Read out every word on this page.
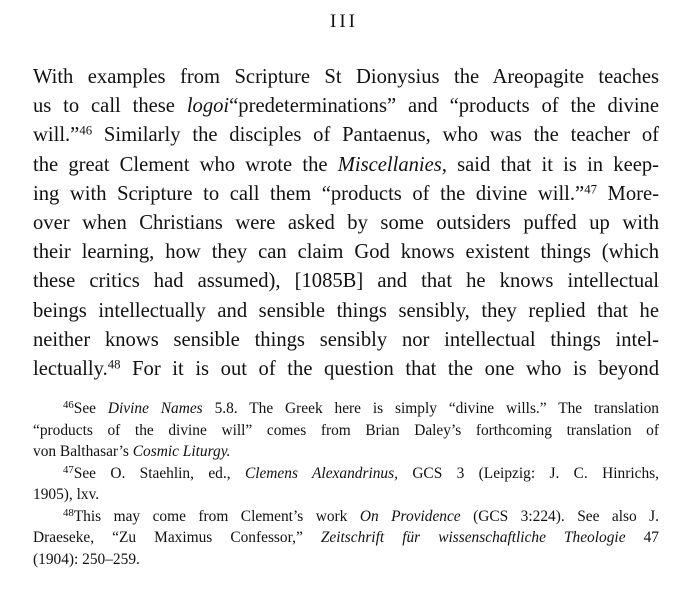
III
With examples from Scripture St Dionysius the Areopagite teaches
us to call these logoi“predeterminations” and “products of the divine
will.”$^{46}$ Similarly the disciples of Pantaenus, who was the teacher of
the great Clement who wrote the Miscellanies, said that it is in keep-
ing with Scripture to call them “products of the divine will.”$^{47}$ More-
over when Christians were asked by some outsiders puffed up with
their learning, how they can claim God knows existent things (which
these critics had assumed), [1085B] and that he knows intellectual
beings intellectually and sensible things sensibly, they replied that he
neither knows sensible things sensibly nor intellectual things intel-
lectually.$^{48}$ For it is out of the question that the one who is beyond
$^{46}$See Divine Names 5.8. The Greek here is simply “divine wills.” The translation
“products of the divine will” comes from Brian Daley’s forthcoming translation of
von Balthasar’s Cosmic Liturgy.
$^{47}$See O. Staehlin, ed., Clemens Alexandrinus, GCS 3 (Leipzig: J. C. Hinrichs,
1905), lxv.
$^{48}$This may come from Clement’s work On Providence (GCS 3:224). See also J.
Draeseke, “Zu Maximus Confessor,” Zeitschrift für wissenschaftliche Theologie 47
(1904): 250–259.
